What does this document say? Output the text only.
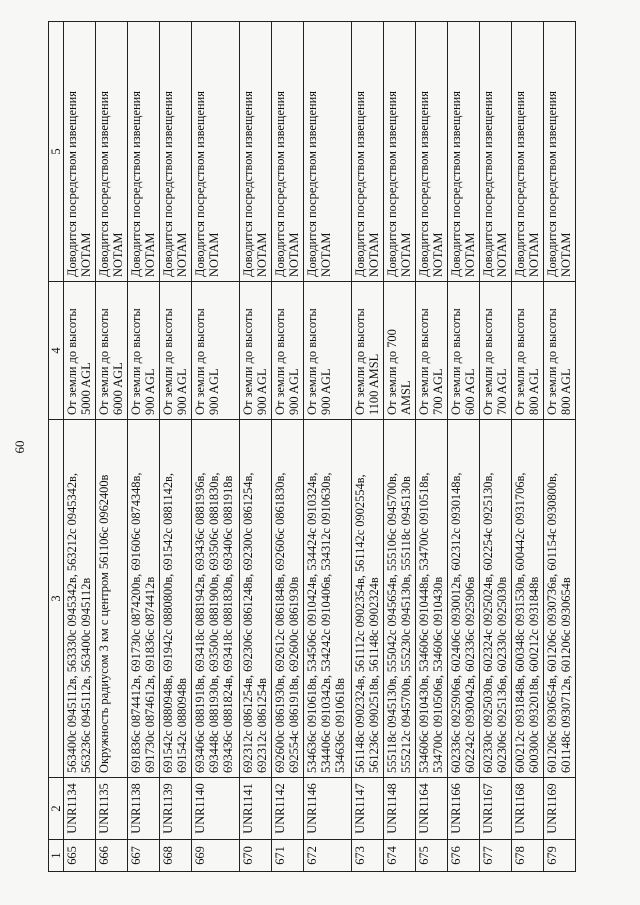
60
1	2	3	4	5
665	UNR1134	563400с 0945112в, 563330с 0945342в, 563212с 0945342в, 563236с 0945112в, 563400с 0945112в	От земли до высоты 5000 AGL	Доводится посредством извещения NOTAM

666	UNR1135	Окружность радиусом 3 км с центром 561106с 0962400в	От земли до высоты 6000 AGL	Доводится посредством извещения NOTAM

667	UNR1138	691836с 0874412в, 691730с 0874200в, 691606с 0874348в, 691730с 0874612в, 691836с 0874412в	От земли до высоты 900 AGL	Доводится посредством извещения NOTAM

668	UNR1139	691542с 0880948в, 691942с 0880800в, 691542с 0881142в, 691542с 0880948в	От земли до высоты 900 AGL	Доводится посредством извещения NOTAM

669	UNR1140	693406с 0881918в, 693418с 0881942в, 693436с 0881936в, 693448с 0881930в, 693500с 0881900в, 693506с 0881830в, 693436с 0881824в, 693418с 0881830в, 693406с 0881918в	От земли до высоты 900 AGL	Доводится посредством извещения NOTAM

670	UNR1141	692312с 0861254в, 692306с 0861248в, 692300с 0861254в, 692312с 0861254в	От земли до высоты 900 AGL	Доводится посредством извещения NOTAM

671	UNR1142	692600с 0861930в, 692612с 0861848в, 692606с 0861830в, 692554с 0861918в, 692600с 0861930в	От земли до высоты 900 AGL	Доводится посредством извещения NOTAM

672	UNR1146	534636с 0910618в, 534506с 0910424в, 534424с 0910324в, 534406с 0910342в, 534242с 0910406в, 534312с 0910630в, 534636с 0910618в	От земли до высоты 900 AGL	Доводится посредством извещения NOTAM

673	UNR1147	561148с 0902324в, 561112с 0902354в, 561142с 0902554в, 561236с 0902518в, 561148с 0902324в	От земли до высоты 1100 AMSL	Доводится посредством извещения NOTAM

674	UNR1148	555118с 0945130в, 555042с 0945654в, 555106с 0945700в, 555212с 0945700в, 555230с 0945130в, 555118с 0945130в	От земли до 700 AMSL	Доводится посредством извещения NOTAM

675	UNR1164	534606с 0910430в, 534606с 0910448в, 534700с 0910518в, 534700с 0910506в, 534606с 0910430в	От земли до высоты 700 AGL	Доводится посредством извещения NOTAM

676	UNR1166	602336с 0925906в, 602406с 0930012в, 602312с 0930148в, 602242с 0930042в, 602336с 0925906в	От земли до высоты 600 AGL	Доводится посредством извещения NOTAM

677	UNR1167	602330с 0925030в, 602324с 0925024в, 602254с 0925130в, 602306с 0925136в, 602330с 0925030в	От земли до высоты 700 AGL	Доводится посредством извещения NOTAM

678	UNR1168	600212с 0931848в, 600348с 0931530в, 600442с 0931706в, 600300с 0932018в, 600212с 0931848в	От земли до высоты 800 AGL	Доводится посредством извещения NOTAM

679	UNR1169	601206с 0930654в, 601206с 0930736в, 601154с 0930800в, 601148с 0930712в, 601206с 0930654в	От земли до высоты 800 AGL	Доводится посредством извещения NOTAM
